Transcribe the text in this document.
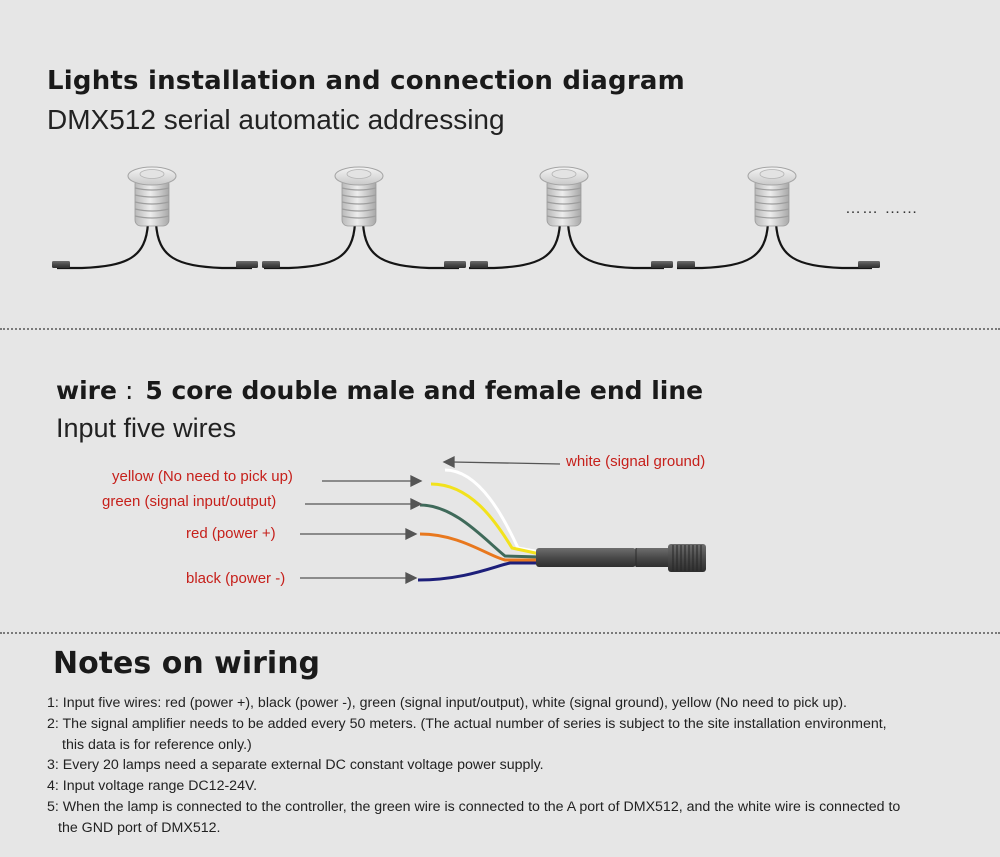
Lights installation and connection diagram
DMX512 serial automatic addressing
…… ……
wire : 5 core double male and female end line
Input five wires
white (signal ground)
yellow (No need to pick up)
green (signal input/output)
red (power +)
black (power -)
Notes on wiring
1: Input five wires: red (power +), black (power -), green (signal input/output), white (signal ground), yellow (No need to pick up).
2: The signal amplifier needs to be added every 50 meters. (The actual number of series is subject to the site installation environment,
this data is for reference only.)
3: Every 20 lamps need a separate external DC constant voltage power supply.
4: Input voltage range DC12-24V.
5: When the lamp is connected to the controller, the green wire is connected to the A port of DMX512, and the white wire is connected to
the GND port of DMX512.
